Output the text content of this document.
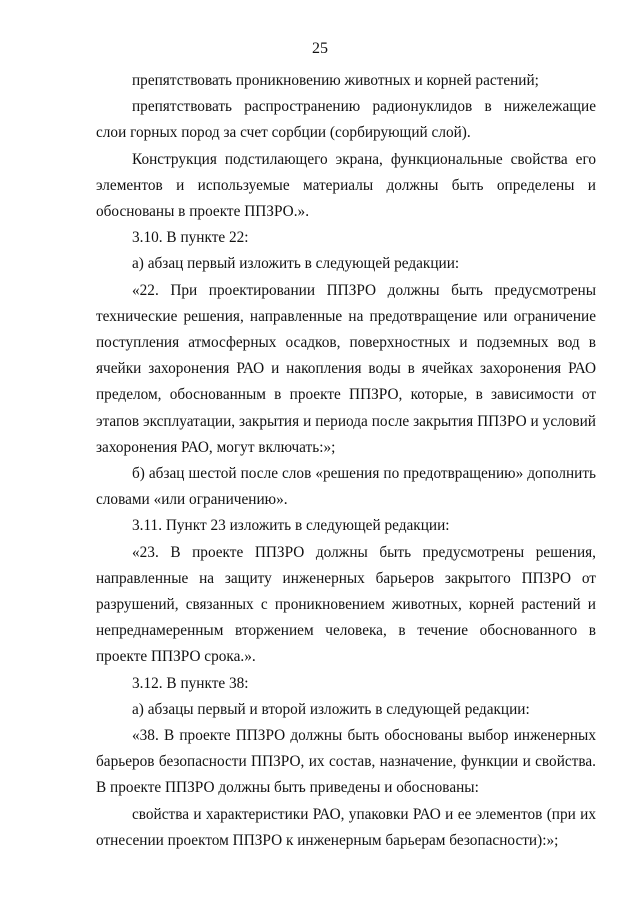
25

препятствовать проникновению животных и корней растений;

препятствовать распространению радионуклидов в нижележащие слои горных пород за счет сорбции (сорбирующий слой).

Конструкция подстилающего экрана, функциональные свойства его элементов и используемые материалы должны быть определены и обоснованы в проекте ППЗРО.».

3.10. В пункте 22:

а) абзац первый изложить в следующей редакции:

«22. При проектировании ППЗРО должны быть предусмотрены технические решения, направленные на предотвращение или ограничение поступления атмосферных осадков, поверхностных и подземных вод в ячейки захоронения РАО и накопления воды в ячейках захоронения РАО пределом, обоснованным в проекте ППЗРО, которые, в зависимости от этапов эксплуатации, закрытия и периода после закрытия ППЗРО и условий захоронения РАО, могут включать:»;

б) абзац шестой после слов «решения по предотвращению» дополнить словами «или ограничению».

3.11. Пункт 23 изложить в следующей редакции:

«23. В проекте ППЗРО должны быть предусмотрены решения, направленные на защиту инженерных барьеров закрытого ППЗРО от разрушений, связанных с проникновением животных, корней растений и непреднамеренным вторжением человека, в течение обоснованного в проекте ППЗРО срока.».

3.12. В пункте 38:

а) абзацы первый и второй изложить в следующей редакции:

«38. В проекте ППЗРО должны быть обоснованы выбор инженерных барьеров безопасности ППЗРО, их состав, назначение, функции и свойства. В проекте ППЗРО должны быть приведены и обоснованы:

свойства и характеристики РАО, упаковки РАО и ее элементов (при их отнесении проектом ППЗРО к инженерным барьерам безопасности):»;
